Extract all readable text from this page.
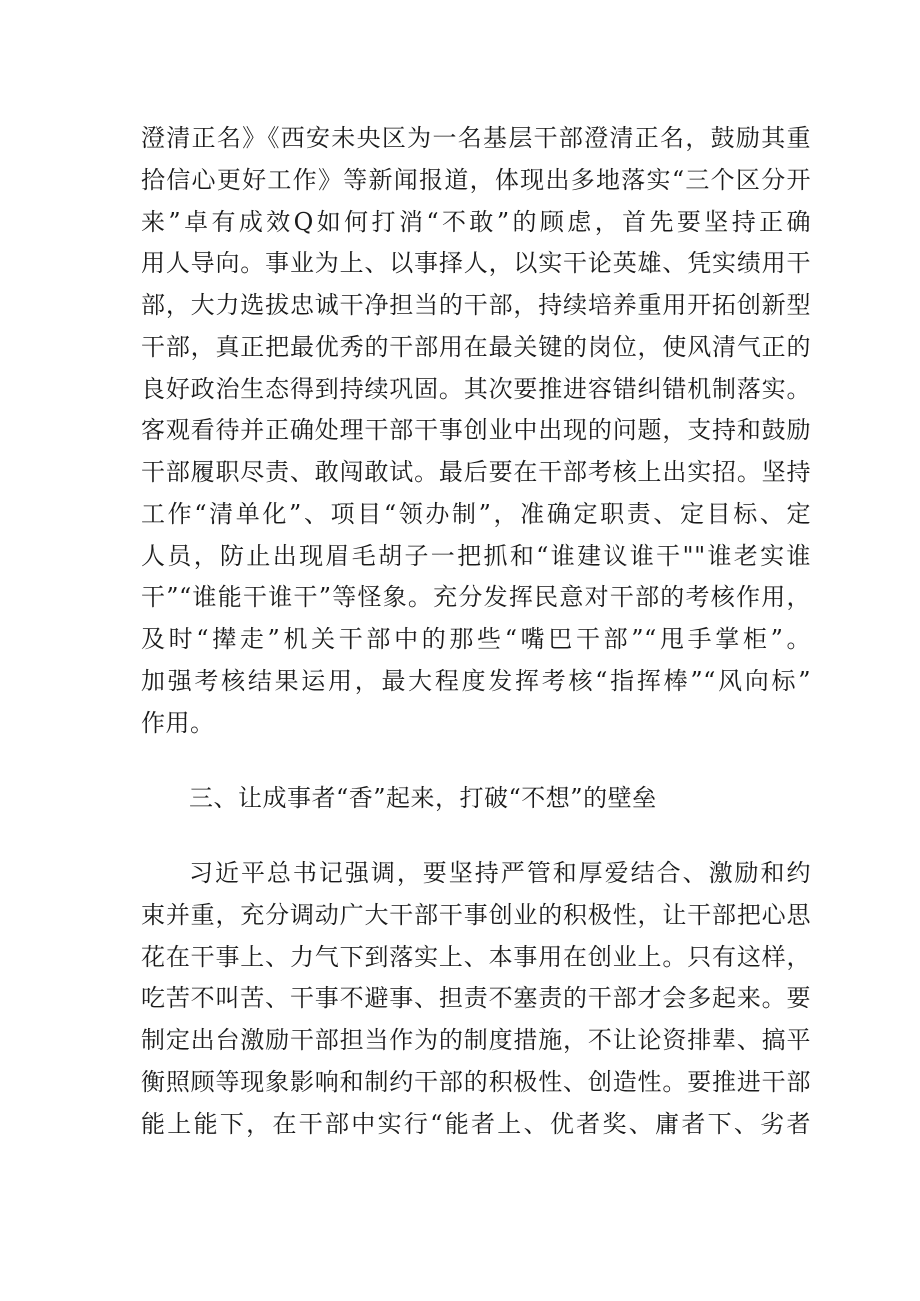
澄清正名》《西安未央区为一名基层干部澄清正名，鼓励其重
拾信心更好工作》等新闻报道，体现出多地落实“三个区分开
来”卓有成效Q如何打消“不敢”的顾虑，首先要坚持正确
用人导向。事业为上、以事择人，以实干论英雄、凭实绩用干
部，大力选拔忠诚干净担当的干部，持续培养重用开拓创新型
干部，真正把最优秀的干部用在最关键的岗位，使风清气正的
良好政治生态得到持续巩固。其次要推进容错纠错机制落实。
客观看待并正确处理干部干事创业中出现的问题，支持和鼓励
干部履职尽责、敢闯敢试。最后要在干部考核上出实招。坚持
工作“清单化”、项目“领办制”，准确定职责、定目标、定
人员，防止出现眉毛胡子一把抓和“谁建议谁干""谁老实谁
干”“谁能干谁干”等怪象。充分发挥民意对干部的考核作用，
及时“撵走”机关干部中的那些“嘴巴干部”“甩手掌柜”。
加强考核结果运用，最大程度发挥考核“指挥棒”“风向标”
作用。
三、让成事者“香”起来，打破“不想”的壁垒
习近平总书记强调，要坚持严管和厚爱结合、激励和约
束并重，充分调动广大干部干事创业的积极性，让干部把心思
花在干事上、力气下到落实上、本事用在创业上。只有这样，
吃苦不叫苦、干事不避事、担责不塞责的干部才会多起来。要
制定出台激励干部担当作为的制度措施，不让论资排辈、搞平
衡照顾等现象影响和制约干部的积极性、创造性。要推进干部
能上能下，在干部中实行“能者上、优者奖、庸者下、劣者
